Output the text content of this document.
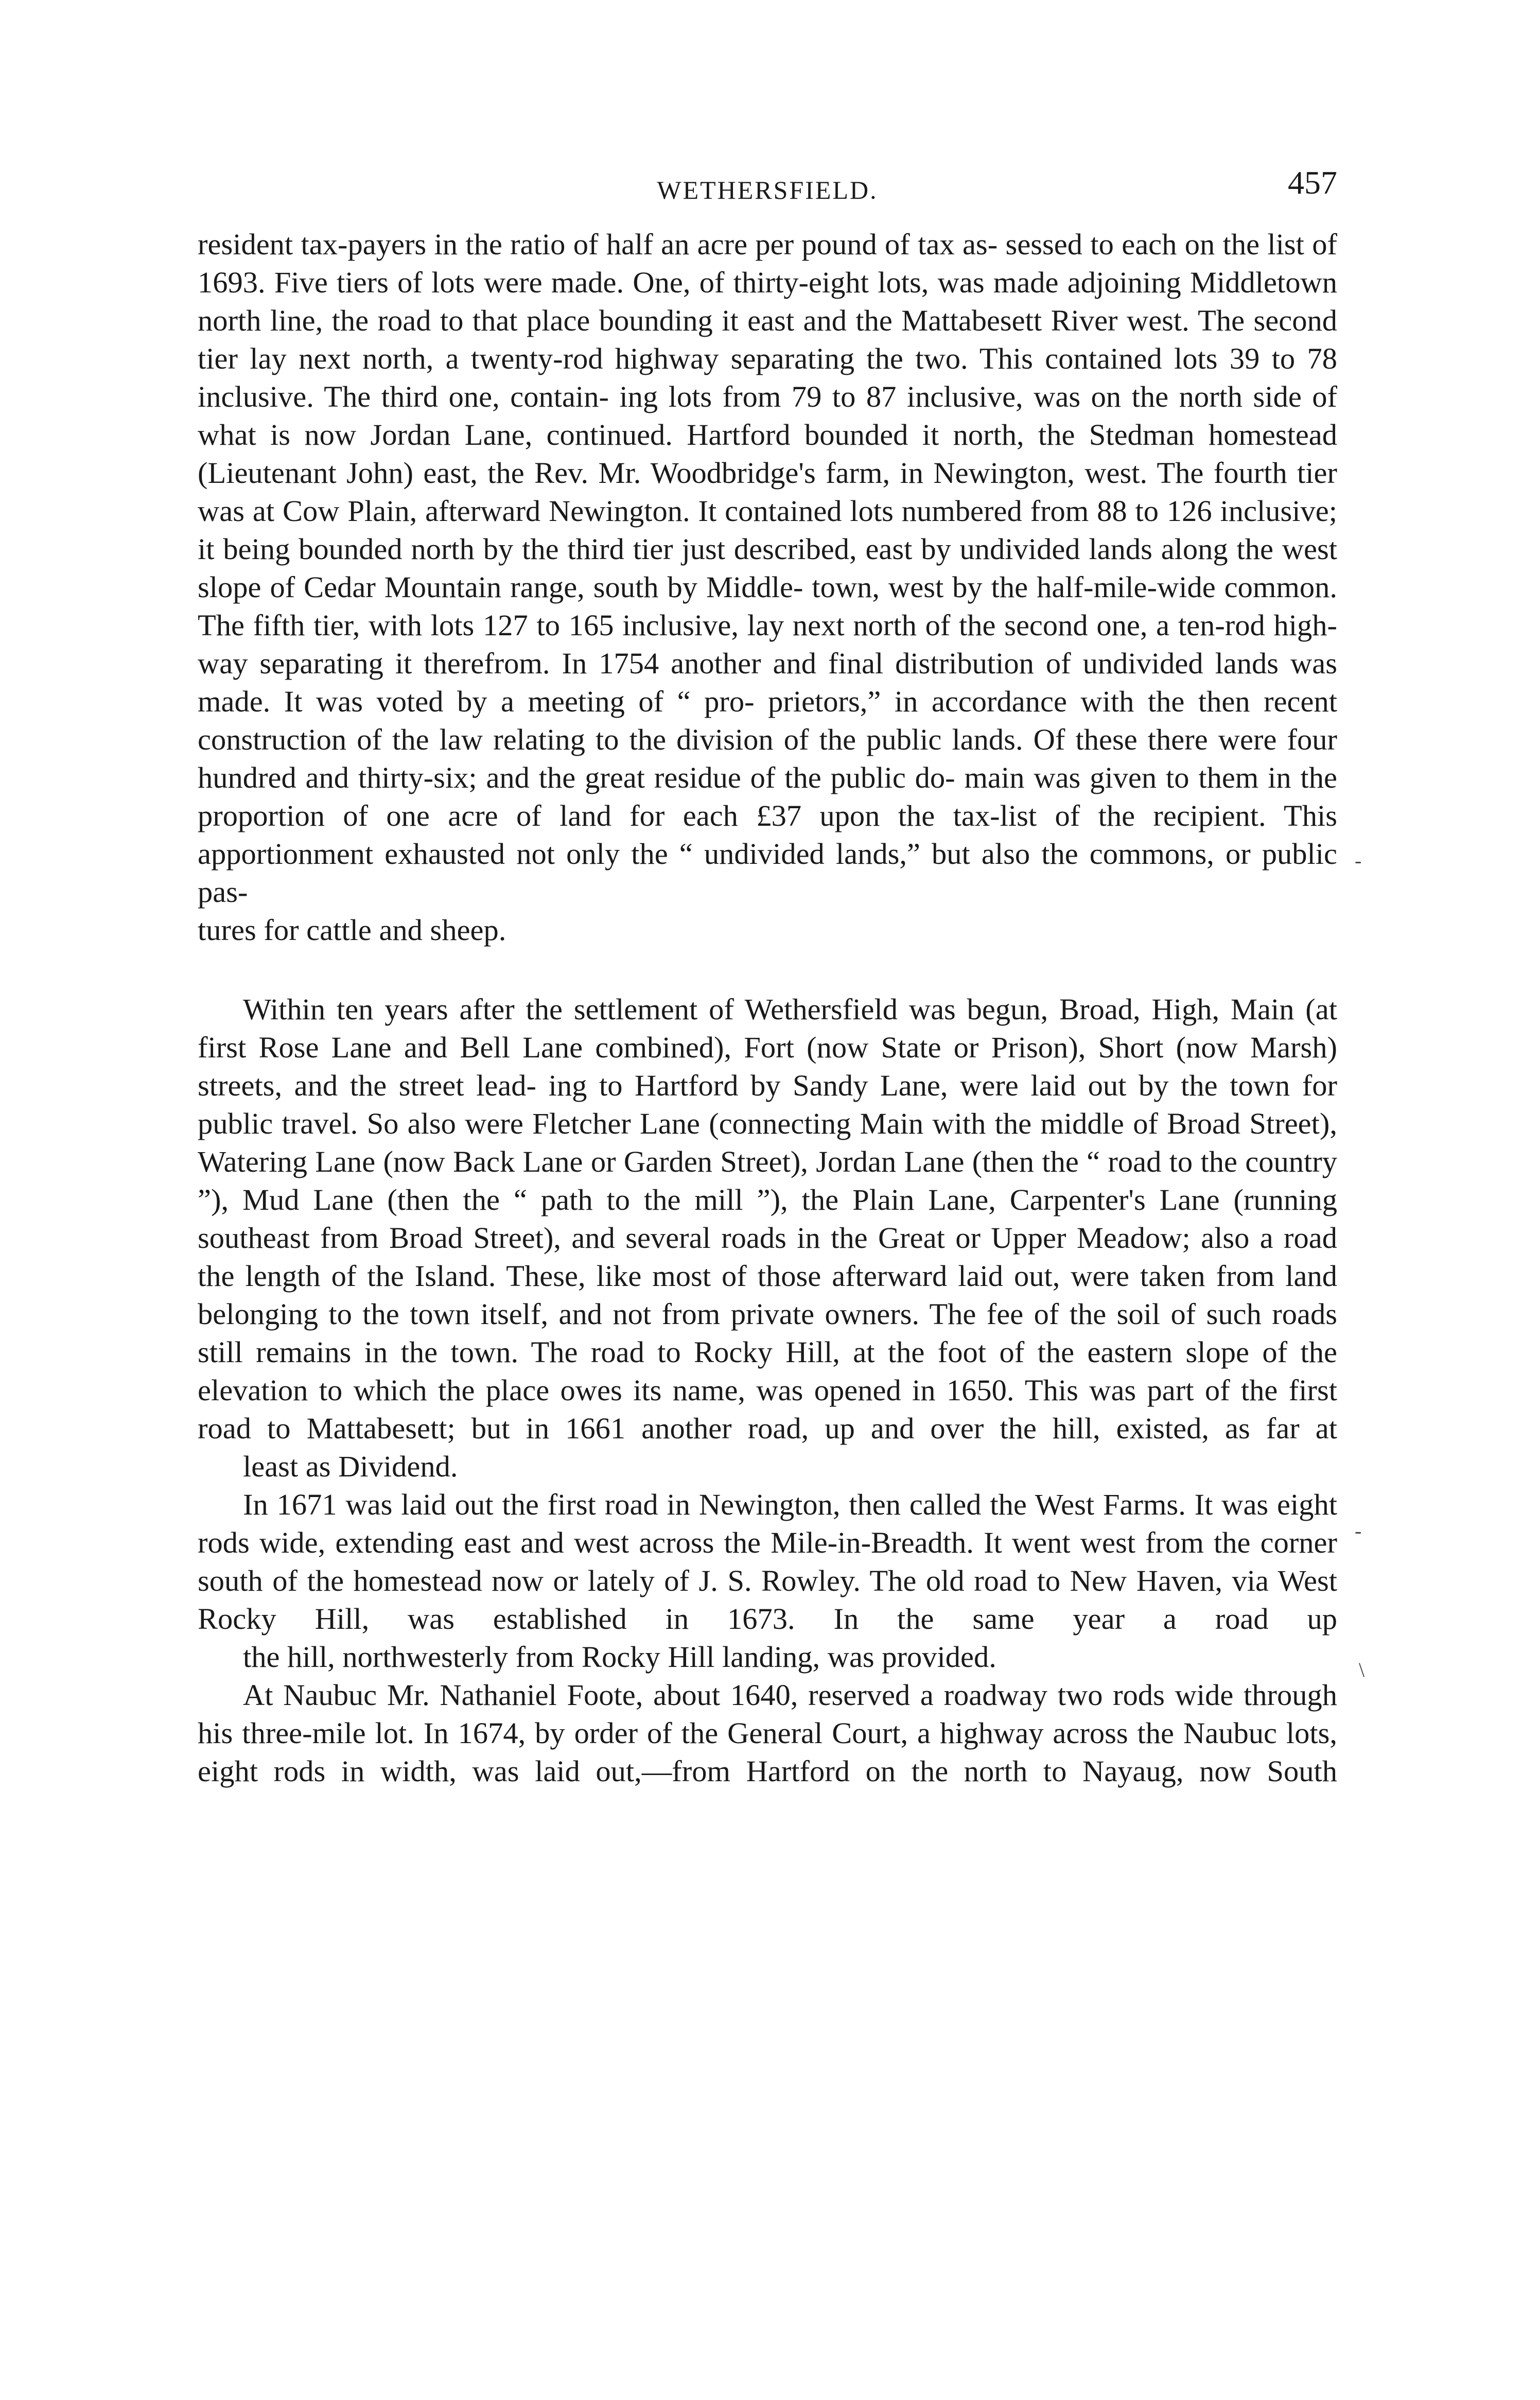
WETHERSFIELD.	457

resident tax-payers in the ratio of half an acre per pound of tax as- sessed to each on the list of 1693. Five tiers of lots were made. One, of thirty-eight lots, was made adjoining Middletown north line, the road to that place bounding it east and the Mattabesett River west. The second tier lay next north, a twenty-rod highway separating the two. This contained lots 39 to 78 inclusive. The third one, contain- ing lots from 79 to 87 inclusive, was on the north side of what is now Jordan Lane, continued. Hartford bounded it north, the Stedman homestead (Lieutenant John) east, the Rev. Mr. Woodbridge's farm, in Newington, west. The fourth tier was at Cow Plain, afterward Newington. It contained lots numbered from 88 to 126 inclusive; it being bounded north by the third tier just described, east by undivided lands along the west slope of Cedar Mountain range, south by Middle- town, west by the half-mile-wide common. The fifth tier, with lots 127 to 165 inclusive, lay next north of the second one, a ten-rod high- way separating it therefrom. In 1754 another and final distribution of undivided lands was made. It was voted by a meeting of “ pro- prietors,” in accordance with the then recent construction of the law relating to the division of the public lands. Of these there were four hundred and thirty-six; and the great residue of the public do- main was given to them in the proportion of one acre of land for each £37 upon the tax-list of the recipient. This apportionment exhausted not only the “ undivided lands,” but also the commons, or public pas-
tures for cattle and sheep.

Within ten years after the settlement of Wethersfield was begun, Broad, High, Main (at first Rose Lane and Bell Lane combined), Fort (now State or Prison), Short (now Marsh) streets, and the street lead- ing to Hartford by Sandy Lane, were laid out by the town for public travel. So also were Fletcher Lane (connecting Main with the middle of Broad Street), Watering Lane (now Back Lane or Garden Street), Jordan Lane (then the “ road to the country ”), Mud Lane (then the “ path to the mill ”), the Plain Lane, Carpenter's Lane (running southeast from Broad Street), and several roads in the Great or Upper Meadow; also a road the length of the Island. These, like most of those afterward laid out, were taken from land belonging to the town itself, and not from private owners. The fee of the soil of such roads still remains in the town. The road to Rocky Hill, at the foot of the eastern slope of the elevation to which the place owes its name, was opened in 1650. This was part of the first road to Mattabesett; but in 1661 another road, up and over the hill, existed, as far at
least as Dividend.

In 1671 was laid out the first road in Newington, then called the West Farms. It was eight rods wide, extending east and west across the Mile-in-Breadth. It went west from the corner south of the homestead now or lately of J. S. Rowley. The old road to New Haven, via West Rocky Hill, was established in 1673. In the same year a road up
the hill, northwesterly from Rocky Hill landing, was provided.

At Naubuc Mr. Nathaniel Foote, about 1640, reserved a roadway two rods wide through his three-mile lot. In 1674, by order of the General Court, a highway across the Naubuc lots, eight rods in width, was laid out,—from Hartford on the north to Nayaug, now South

-
-
\
